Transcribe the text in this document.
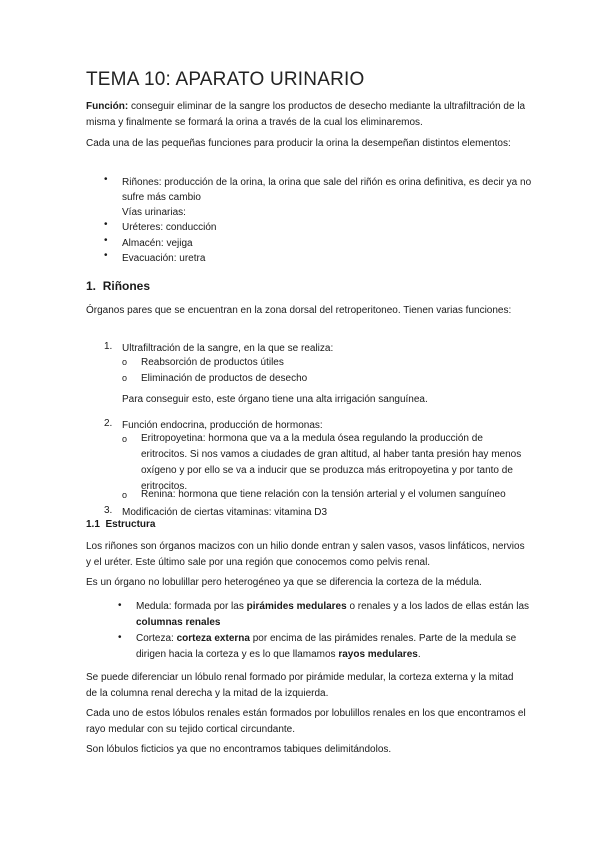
TEMA 10: APARATO URINARIO
Función: conseguir eliminar de la sangre los productos de desecho mediante la ultrafiltración de la misma y finalmente se formará la orina a través de la cual los eliminaremos.
Cada una de las pequeñas funciones para producir la orina la desempeñan distintos elementos:
•	Riñones: producción de la orina, la orina que sale del riñón es orina definitiva, es decir ya no sufre más cambio
Vías urinarias:
•	Uréteres: conducción
•	Almacén: vejiga
•	Evacuación: uretra
1. Riñones
Órganos pares que se encuentran en la zona dorsal del retroperitoneo. Tienen varias funciones:
1. Ultrafiltración de la sangre, en la que se realiza:
o Reabsorción de productos útiles
o Eliminación de productos de desecho
Para conseguir esto, este órgano tiene una alta irrigación sanguínea.
2. Función endocrina, producción de hormonas:
o Eritropoyetina: hormona que va a la medula ósea regulando la producción de eritrocitos. Si nos vamos a ciudades de gran altitud, al haber tanta presión hay menos oxígeno y por ello se va a inducir que se produzca más eritropoyetina y por tanto de eritrocitos.
o Renina: hormona que tiene relación con la tensión arterial y el volumen sanguíneo
3. Modificación de ciertas vitaminas: vitamina D3
1.1 Estructura
Los riñones son órganos macizos con un hilio donde entran y salen vasos, vasos linfáticos, nervios y el uréter. Este último sale por una región que conocemos como pelvis renal.
Es un órgano no lobulillar pero heterogéneo ya que se diferencia la corteza de la médula.
• Medula: formada por las pirámides medulares o renales y a los lados de ellas están las columnas renales
• Corteza: corteza externa por encima de las pirámides renales. Parte de la medula se dirigen hacia la corteza y es lo que llamamos rayos medulares.
Se puede diferenciar un lóbulo renal formado por pirámide medular, la corteza externa y la mitad de la columna renal derecha y la mitad de la izquierda.
Cada uno de estos lóbulos renales están formados por lobulillos renales en los que encontramos el rayo medular con su tejido cortical circundante.
Son lóbulos ficticios ya que no encontramos tabiques delimitándolos.
